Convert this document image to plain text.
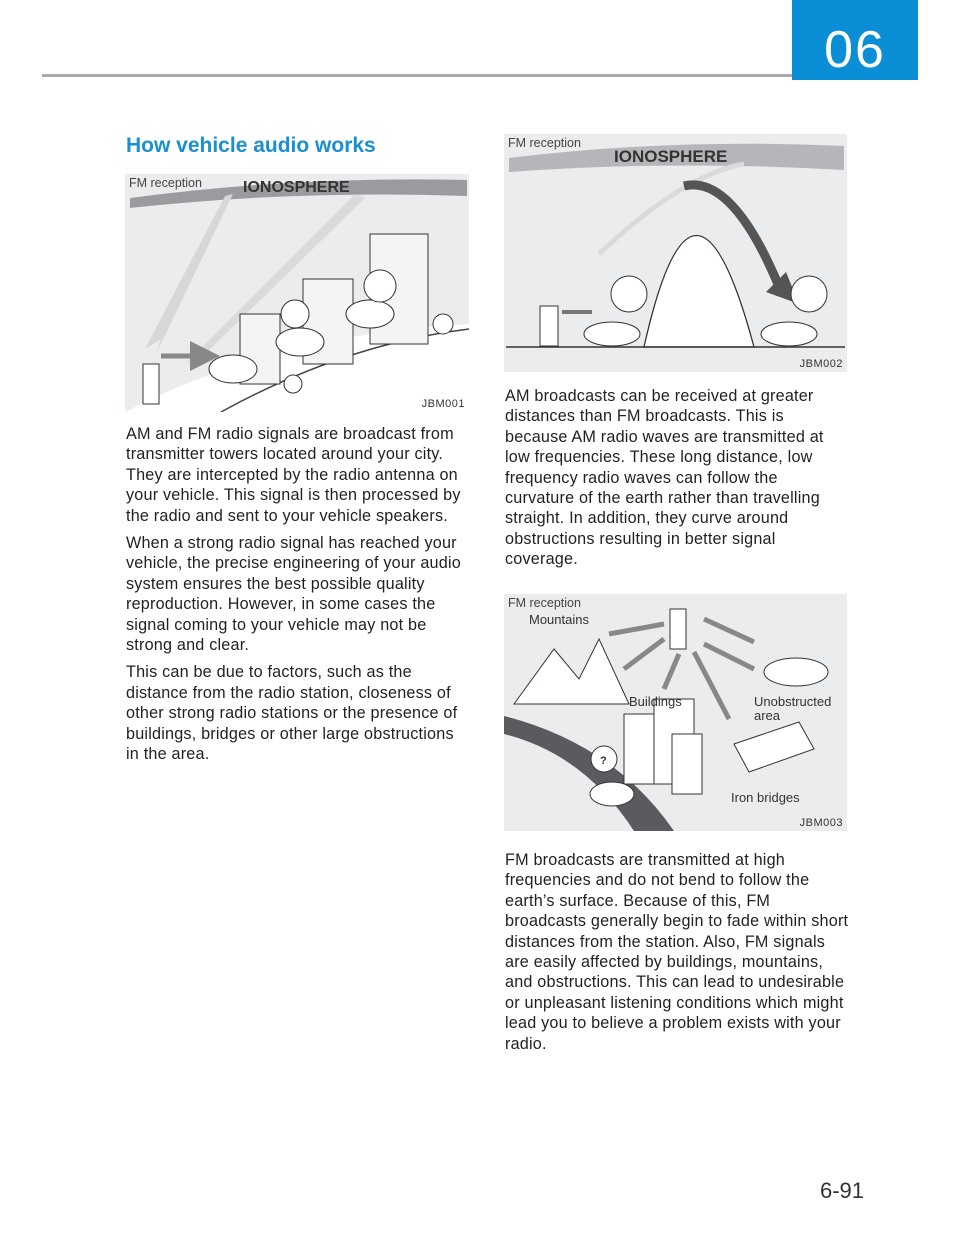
06
How vehicle audio works
IONOSPHERE
FM reception
JBM001

AM and FM radio signals are broadcast from transmitter towers located around your city. They are intercepted by the radio antenna on your vehicle. This signal is then processed by the radio and sent to your vehicle speakers.

When a strong radio signal has reached your vehicle, the precise engineering of your audio system ensures the best possible quality reproduction. However, in some cases the signal coming to your vehicle may not be strong and clear.

This can be due to factors, such as the distance from the radio station, closeness of other strong radio stations or the presence of buildings, bridges or other large obstructions in the area.

IONOSPHERE
FM reception
JBM002

AM broadcasts can be received at greater distances than FM broadcasts. This is because AM radio waves are transmitted at low frequencies. These long distance, low frequency radio waves can follow the curvature of the earth rather than travelling straight. In addition, they curve around obstructions resulting in better signal coverage.

?
Mountains
Buildings	Unobstructed
area
Iron bridges
FM reception
JBM003

FM broadcasts are transmitted at high frequencies and do not bend to follow the earth’s surface. Because of this, FM broadcasts generally begin to fade within short distances from the station. Also, FM signals are easily affected by buildings, mountains, and obstructions. This can lead to undesirable or unpleasant listening conditions which might lead you to believe a problem exists with your radio.

6-91
